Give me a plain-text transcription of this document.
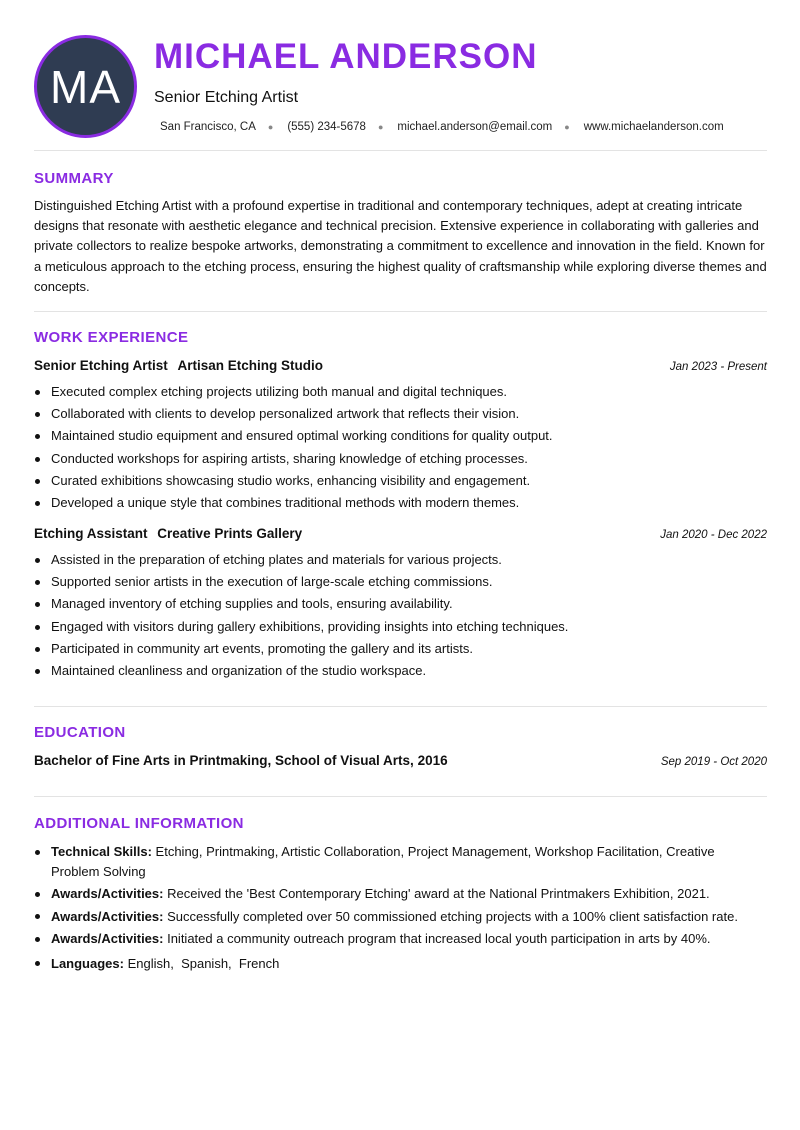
MA
MICHAEL ANDERSON
Senior Etching Artist
San Francisco, CA ● (555) 234-5678 ● michael.anderson@email.com ● www.michaelanderson.com
SUMMARY
Distinguished Etching Artist with a profound expertise in traditional and contemporary techniques, adept at creating intricate designs that resonate with aesthetic elegance and technical precision. Extensive experience in collaborating with galleries and private collectors to realize bespoke artworks, demonstrating a commitment to excellence and innovation in the field. Known for a meticulous approach to the etching process, ensuring the highest quality of craftsmanship while exploring diverse themes and concepts.
WORK EXPERIENCE
Senior Etching Artist Artisan Etching Studio	Jan 2023 - Present
Executed complex etching projects utilizing both manual and digital techniques.
Collaborated with clients to develop personalized artwork that reflects their vision.
Maintained studio equipment and ensured optimal working conditions for quality output.
Conducted workshops for aspiring artists, sharing knowledge of etching processes.
Curated exhibitions showcasing studio works, enhancing visibility and engagement.
Developed a unique style that combines traditional methods with modern themes.
Etching Assistant Creative Prints Gallery	Jan 2020 - Dec 2022
Assisted in the preparation of etching plates and materials for various projects.
Supported senior artists in the execution of large-scale etching commissions.
Managed inventory of etching supplies and tools, ensuring availability.
Engaged with visitors during gallery exhibitions, providing insights into etching techniques.
Participated in community art events, promoting the gallery and its artists.
Maintained cleanliness and organization of the studio workspace.
EDUCATION
Bachelor of Fine Arts in Printmaking, School of Visual Arts, 2016	Sep 2019 - Oct 2020
ADDITIONAL INFORMATION
Technical Skills: Etching, Printmaking, Artistic Collaboration, Project Management, Workshop Facilitation, Creative Problem Solving
Awards/Activities: Received the 'Best Contemporary Etching' award at the National Printmakers Exhibition, 2021.
Awards/Activities: Successfully completed over 50 commissioned etching projects with a 100% client satisfaction rate.
Awards/Activities: Initiated a community outreach program that increased local youth participation in arts by 40%.
Languages: English,  Spanish,  French
